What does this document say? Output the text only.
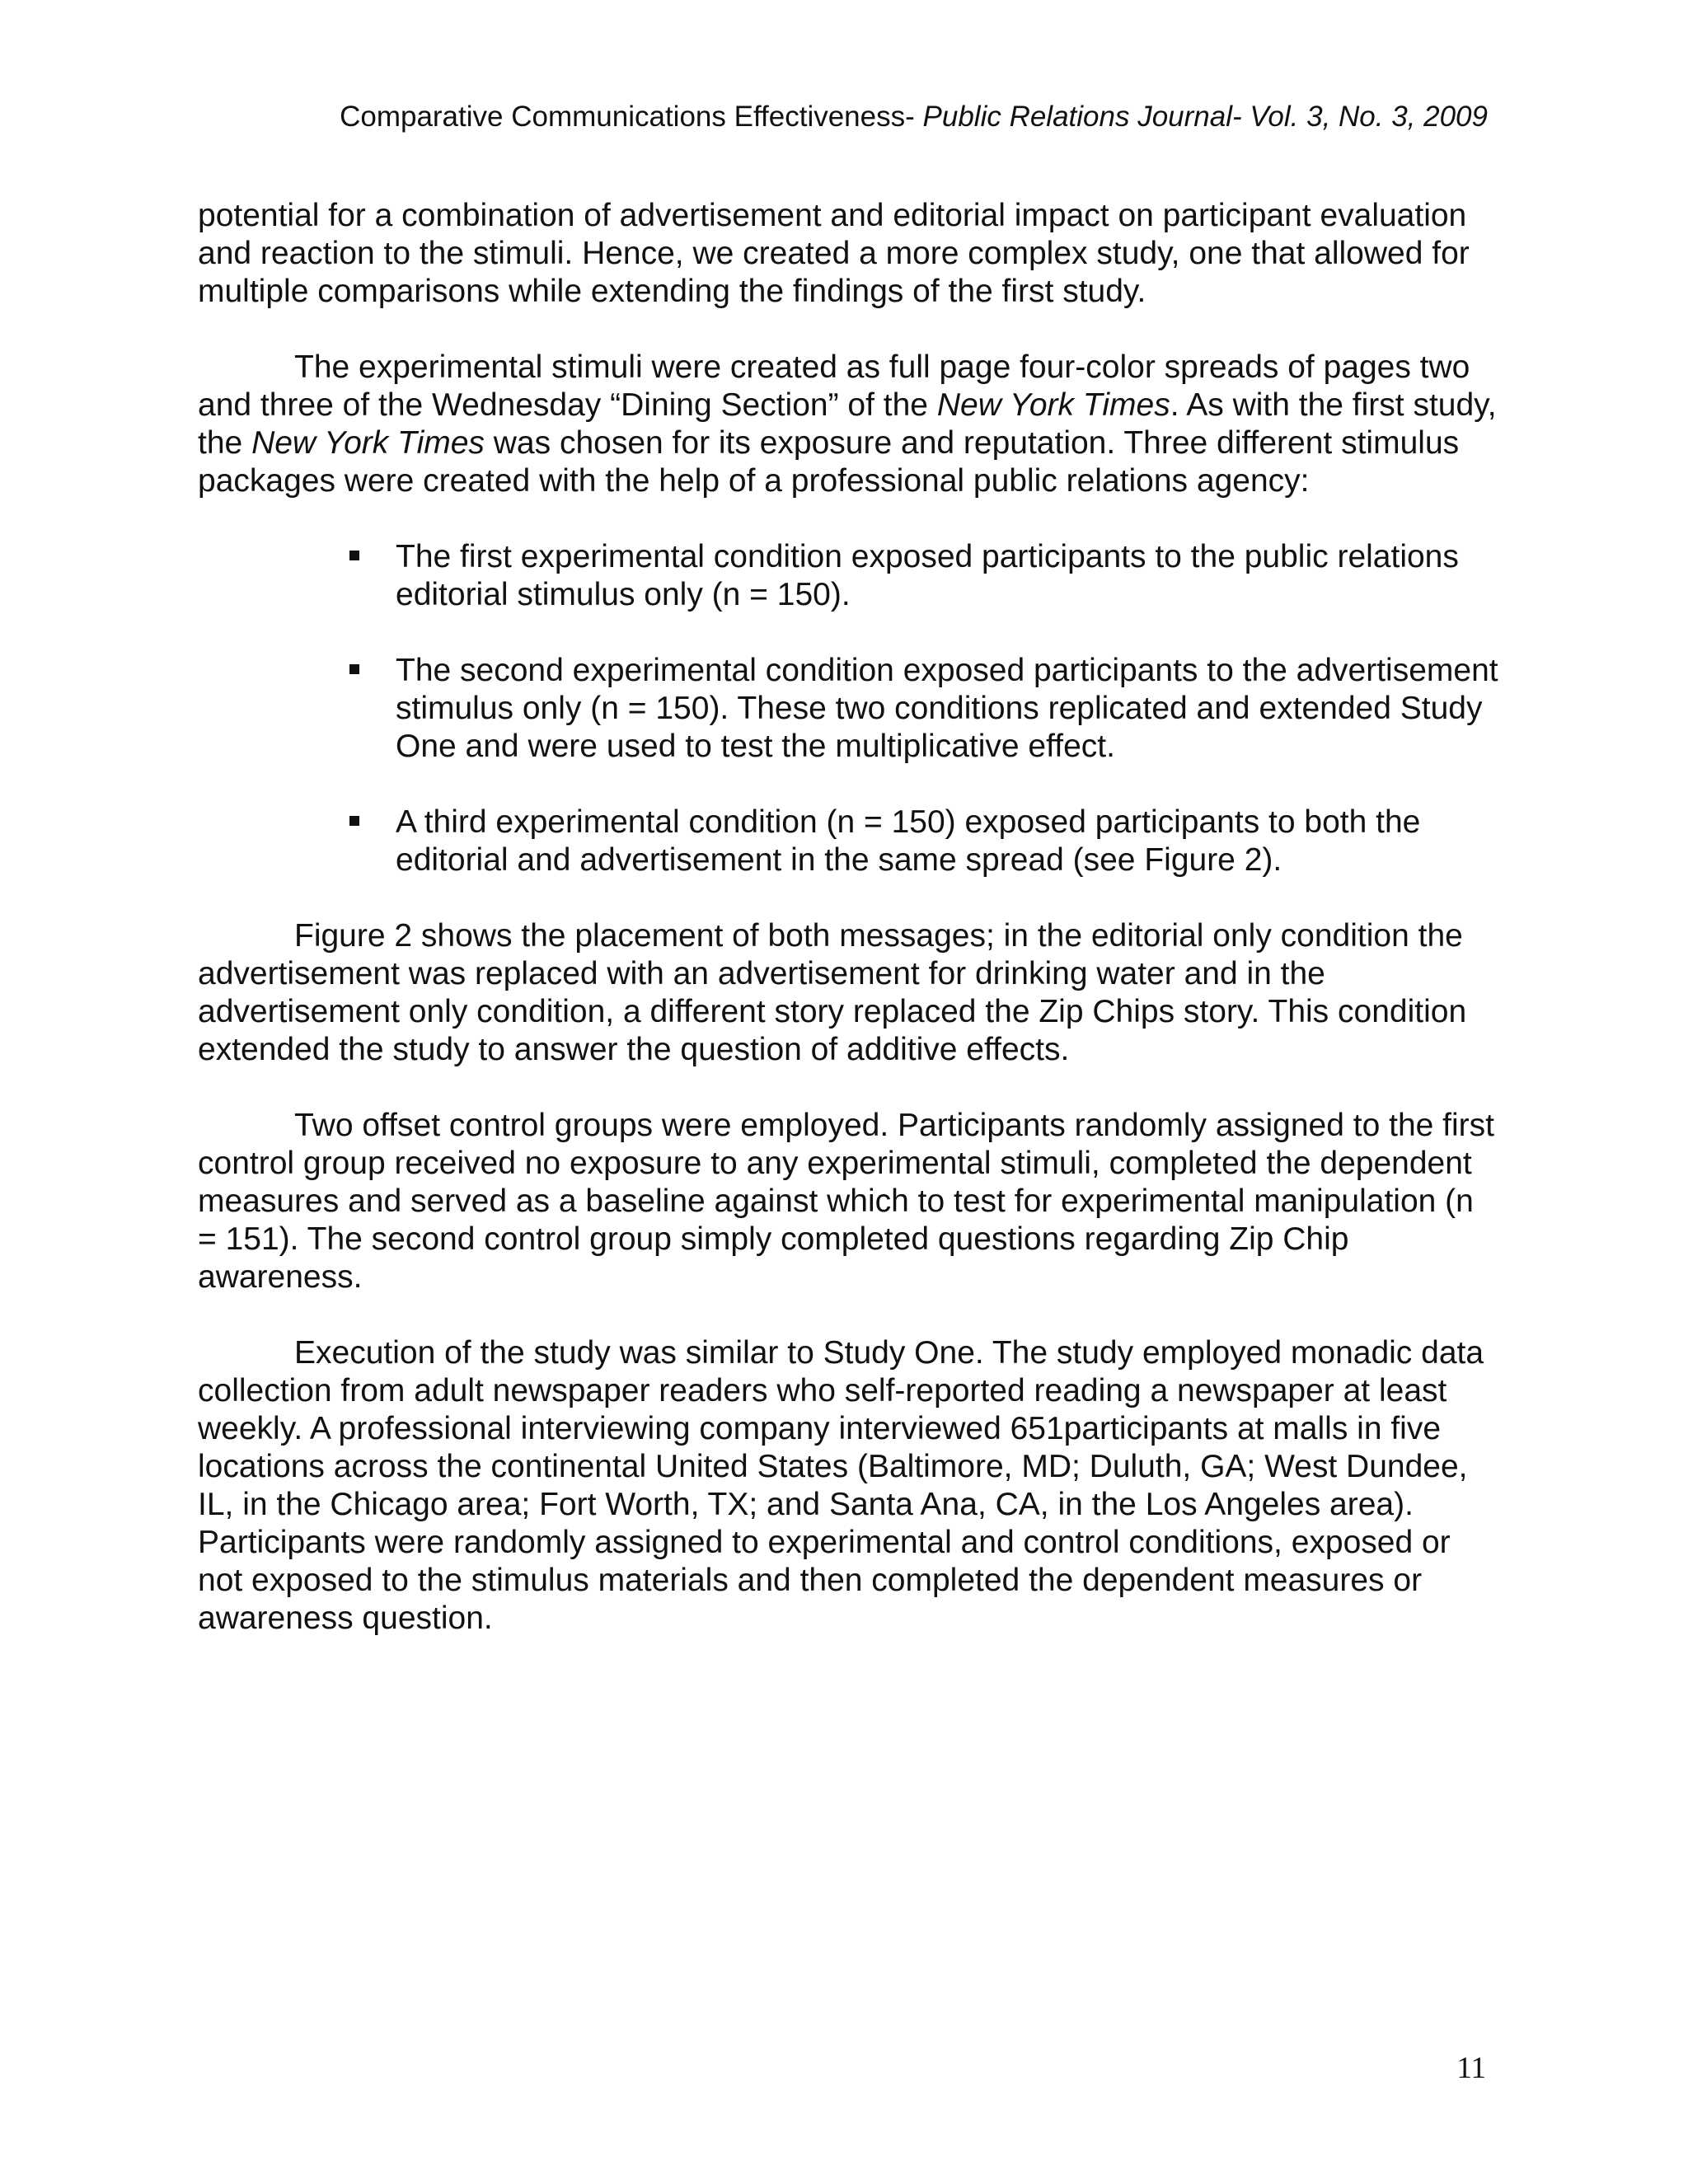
Comparative Communications Effectiveness- Public Relations Journal- Vol. 3, No. 3, 2009

potential for a combination of advertisement and editorial impact on participant evaluation and reaction to the stimuli. Hence, we created a more complex study, one that allowed for multiple comparisons while extending the findings of the first study.

The experimental stimuli were created as full page four-color spreads of pages two and three of the Wednesday “Dining Section” of the New York Times. As with the first study, the New York Times was chosen for its exposure and reputation. Three different stimulus packages were created with the help of a professional public relations agency:

The first experimental condition exposed participants to the public relations editorial stimulus only (n = 150).
The second experimental condition exposed participants to the advertisement stimulus only (n = 150). These two conditions replicated and extended Study One and were used to test the multiplicative effect.
A third experimental condition (n = 150) exposed participants to both the editorial and advertisement in the same spread (see Figure 2).

Figure 2 shows the placement of both messages; in the editorial only condition the advertisement was replaced with an advertisement for drinking water and in the advertisement only condition, a different story replaced the Zip Chips story. This condition extended the study to answer the question of additive effects.

Two offset control groups were employed. Participants randomly assigned to the first control group received no exposure to any experimental stimuli, completed the dependent measures and served as a baseline against which to test for experimental manipulation (n = 151). The second control group simply completed questions regarding Zip Chip awareness.

Execution of the study was similar to Study One. The study employed monadic data collection from adult newspaper readers who self-reported reading a newspaper at least weekly. A professional interviewing company interviewed 651participants at malls in five locations across the continental United States (Baltimore, MD; Duluth, GA; West Dundee, IL, in the Chicago area; Fort Worth, TX; and Santa Ana, CA, in the Los Angeles area). Participants were randomly assigned to experimental and control conditions, exposed or not exposed to the stimulus materials and then completed the dependent measures or awareness question.

11
